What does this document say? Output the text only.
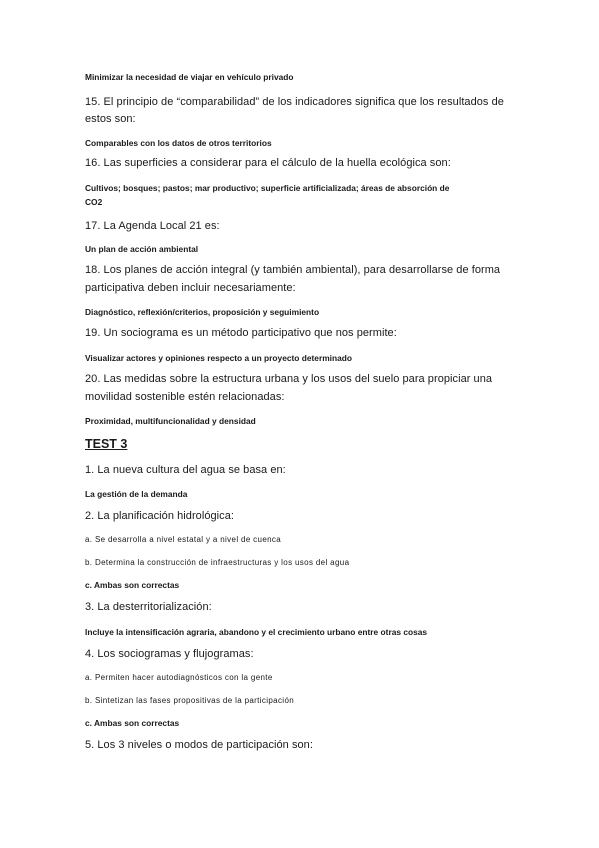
Minimizar la necesidad de viajar en vehículo privado
15. El principio de “comparabilidad” de los indicadores significa que los resultados de
estos son:
Comparables con los datos de otros territorios
16. Las superficies a considerar para el cálculo de la huella ecológica son:
Cultivos; bosques; pastos; mar productivo; superficie artificializada; áreas de absorción de
CO2
17. La Agenda Local 21 es:
Un plan de acción ambiental
18. Los planes de acción integral (y también ambiental), para desarrollarse de forma
participativa deben incluir necesariamente:
Diagnóstico, reflexión/criterios, proposición y seguimiento
19. Un sociograma es un método participativo que nos permite:
Visualizar actores y opiniones respecto a un proyecto determinado
20. Las medidas sobre la estructura urbana y los usos del suelo para propiciar una
movilidad sostenible estén relacionadas:
Proximidad, multifuncionalidad y densidad
TEST 3
1. La nueva cultura del agua se basa en:
La gestión de la demanda
2. La planificación hidrológica:
a. Se desarrolla a nivel estatal y a nivel de cuenca
b. Determina la construcción de infraestructuras y los usos del agua
c. Ambas son correctas
3. La desterritorialización:
Incluye la intensificación agraria, abandono y el crecimiento urbano entre otras cosas
4. Los sociogramas y flujogramas:
a. Permiten hacer autodiagnósticos con la gente
b. Sintetizan las fases propositivas de la participación
c. Ambas son correctas
5. Los 3 niveles o modos de participación son:
